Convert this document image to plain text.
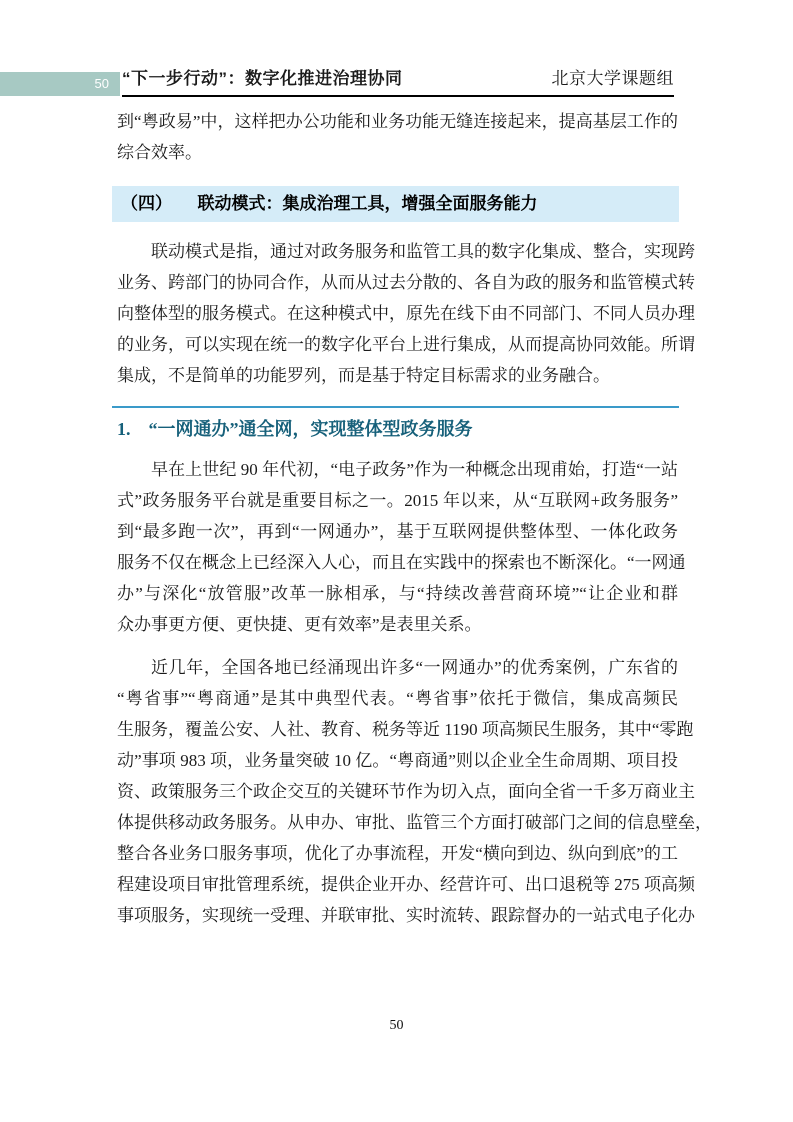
50 “下一步行动”：数字化推进治理协同	北京大学课题组
到“粤政易”中，这样把办公功能和业务功能无缝连接起来，提高基层工作的
综合效率。
（四）　　联动模式：集成治理工具，增强全面服务能力
联动模式是指，通过对政务服务和监管工具的数字化集成、整合，实现跨
业务、跨部门的协同合作，从而从过去分散的、各自为政的服务和监管模式转
向整体型的服务模式。在这种模式中，原先在线下由不同部门、不同人员办理
的业务，可以实现在统一的数字化平台上进行集成，从而提高协同效能。所谓
集成，不是简单的功能罗列，而是基于特定目标需求的业务融合。
1.　“一网通办”通全网，实现整体型政务服务
早在上世纪 90 年代初，“电子政务”作为一种概念出现甫始，打造“一站
式”政务服务平台就是重要目标之一。2015 年以来，从“互联网+政务服务”
到“最多跑一次”，再到“一网通办”，基于互联网提供整体型、一体化政务
服务不仅在概念上已经深入人心，而且在实践中的探索也不断深化。“一网通
办”与深化“放管服”改革一脉相承，与“持续改善营商环境”“让企业和群
众办事更方便、更快捷、更有效率”是表里关系。
近几年，全国各地已经涌现出许多“一网通办”的优秀案例，广东省的
“粤省事”“粤商通”是其中典型代表。“粤省事”依托于微信，集成高频民
生服务，覆盖公安、人社、教育、税务等近 1190 项高频民生服务，其中“零跑
动”事项 983 项，业务量突破 10 亿。“粤商通”则以企业全生命周期、项目投
资、政策服务三个政企交互的关键环节作为切入点，面向全省一千多万商业主
体提供移动政务服务。从申办、审批、监管三个方面打破部门之间的信息壁垒，
整合各业务口服务事项，优化了办事流程，开发“横向到边、纵向到底”的工
程建设项目审批管理系统，提供企业开办、经营许可、出口退税等 275 项高频
事项服务，实现统一受理、并联审批、实时流转、跟踪督办的一站式电子化办
50
